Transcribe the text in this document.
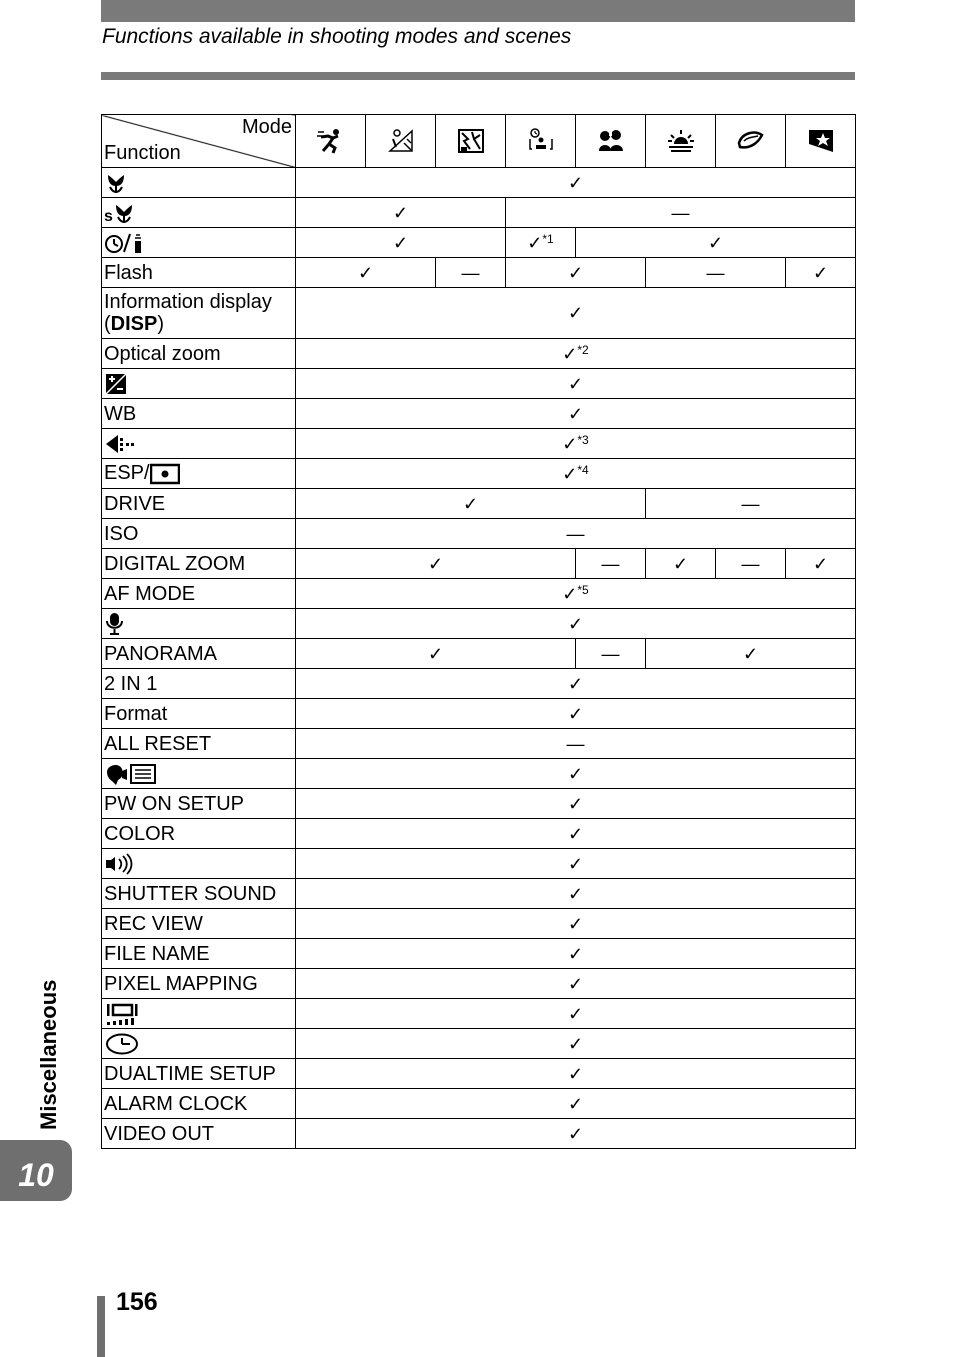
Functions available in shooting modes and scenes
Mode
Function

	✓							

s	✓			—				
	✓			✓$^{*1}$	✓			
Flash	✓		—	✓		—		✓
Information display
(DISP)	✓							
Optical zoom	✓$^{*2}$
	✓							
WB	✓							
	✓$^{*3}$
ESP/	✓$^{*4}$
DRIVE	✓					—		
ISO	—							
DIGITAL ZOOM	✓				—	✓	—	✓
AF MODE	✓$^{*5}$
	✓							
PANORAMA	✓				—	✓		
2 IN 1	✓							
Format	✓							
ALL RESET	—							
	✓							
PW ON SETUP	✓							
COLOR	✓							
	✓							
SHUTTER SOUND	✓							
REC VIEW	✓							
FILE NAME	✓							
PIXEL MAPPING	✓							
	✓							
	✓							
DUALTIME SETUP	✓							
ALARM CLOCK	✓							
VIDEO OUT	✓							
Miscellaneous
10
156
